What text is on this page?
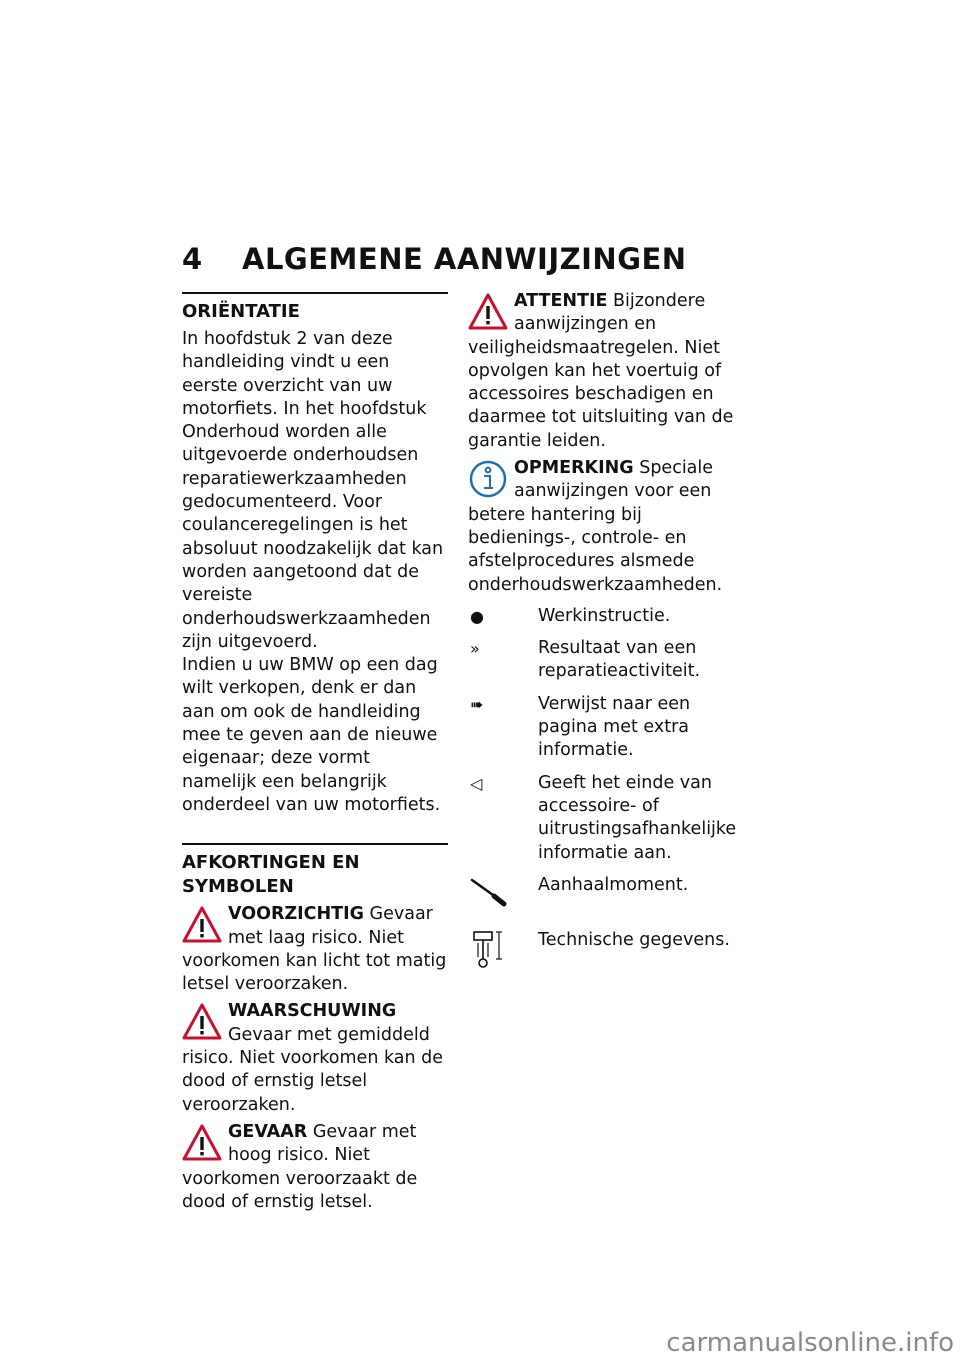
4 ALGEMENE AANWIJZINGEN
ORIËNTATIE

In hoofdstuk 2 van deze handleiding vindt u een eerste overzicht van uw motorfiets. In het hoofdstuk Onderhoud worden alle uitgevoerde onderhoudsen reparatiewerkzaamheden gedocumenteerd. Voor coulanceregelingen is het absoluut noodzakelijk dat kan worden aangetoond dat de vereiste onderhoudswerkzaamheden zijn uitgevoerd.

Indien u uw BMW op een dag wilt verkopen, denk er dan aan om ook de handleiding mee te geven aan de nieuwe eigenaar; deze vormt namelijk een belangrijk onderdeel van uw motorfiets.

AFKORTINGEN EN SYMBOLEN

VOORZICHTIG Gevaar met laag risico. Niet voorkomen kan licht tot matig letsel veroorzaken.

WAARSCHUWING Gevaar met gemiddeld risico. Niet voorkomen kan de dood of ernstig letsel veroorzaken.

GEVAAR Gevaar met hoog risico. Niet voorkomen veroorzaakt de dood of ernstig letsel.

ATTENTIE Bijzondere aanwijzingen en veiligheidsmaatregelen. Niet opvolgen kan het voertuig of accessoires beschadigen en daarmee tot uitsluiting van de garantie leiden.

OPMERKING Speciale aanwijzingen voor een betere hantering bij bedienings-, controle- en afstelprocedures alsmede onderhoudswerkzaamheden.

●	Werkinstructie.
»	Resultaat van een reparatieactiviteit.
➠	Verwijst naar een pagina met extra informatie.
◁	Geeft het einde van accessoire- of uitrustingsafhankelijke informatie aan.
Aanhaalmoment.
Technische gegevens.
carmanualsonline.info
